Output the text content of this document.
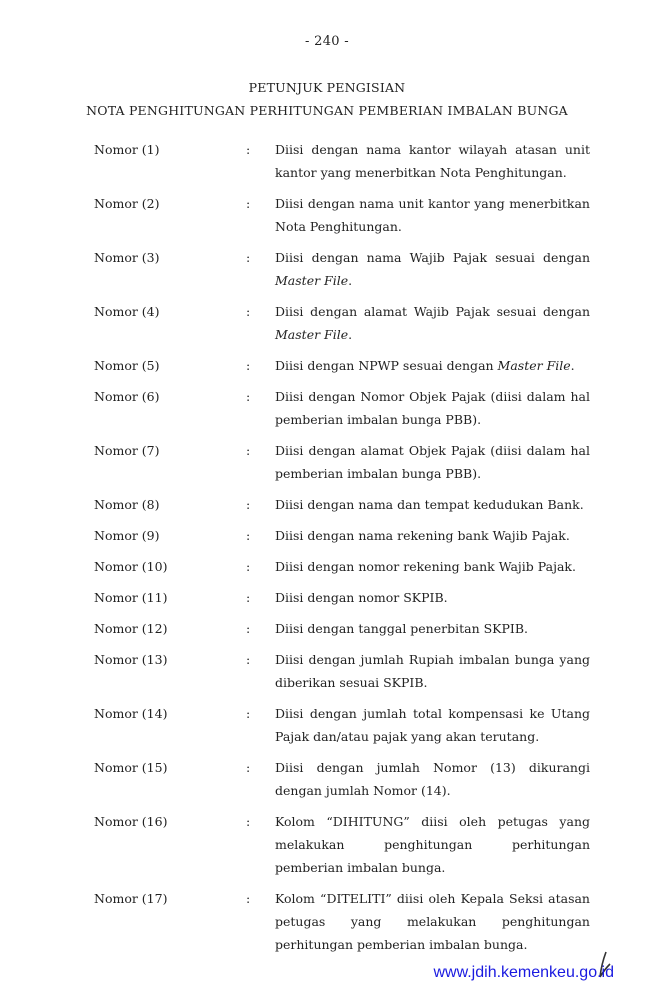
- 240 -
PETUNJUK PENGISIAN
NOTA PENGHITUNGAN PERHITUNGAN PEMBERIAN IMBALAN BUNGA
Nomor (1)	: Diisi dengan nama kantor wilayah atasan unit kantor yang menerbitkan Nota Penghitungan.
Nomor (2)	: Diisi dengan nama unit kantor yang menerbitkan Nota Penghitungan.
Nomor (3)	: Diisi dengan nama Wajib Pajak sesuai dengan Master File.
Nomor (4)	: Diisi dengan alamat Wajib Pajak sesuai dengan Master File.
Nomor (5)	: Diisi dengan NPWP sesuai dengan Master File.
Nomor (6)	: Diisi dengan Nomor Objek Pajak (diisi dalam hal pemberian imbalan bunga PBB).
Nomor (7)	: Diisi dengan alamat Objek Pajak (diisi dalam hal pemberian imbalan bunga PBB).
Nomor (8)	: Diisi dengan nama dan tempat kedudukan Bank.
Nomor (9)	: Diisi dengan nama rekening bank Wajib Pajak.
Nomor (10)	: Diisi dengan nomor rekening bank Wajib Pajak.
Nomor (11)	: Diisi dengan nomor SKPIB.
Nomor (12)	: Diisi dengan tanggal penerbitan SKPIB.
Nomor (13)	: Diisi dengan jumlah Rupiah imbalan bunga yang diberikan sesuai SKPIB.
Nomor (14)	: Diisi dengan jumlah total kompensasi ke Utang Pajak dan/atau pajak yang akan terutang.
Nomor (15)	: Diisi dengan jumlah Nomor (13) dikurangi dengan jumlah Nomor (14).
Nomor (16)	: Kolom “DIHITUNG” diisi oleh petugas yang melakukan penghitungan perhitungan pemberian imbalan bunga.
Nomor (17)	: Kolom “DITELITI” diisi oleh Kepala Seksi atasan petugas yang melakukan penghitungan perhitungan pemberian imbalan bunga.
www.jdih.kemenkeu.go.id
